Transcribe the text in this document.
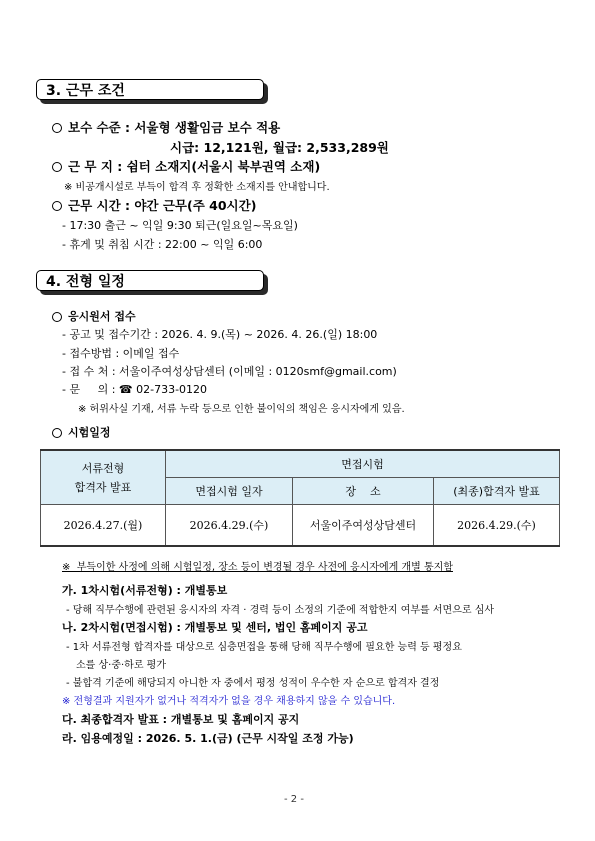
3. 근무 조건
보수 수준 : 서울형 생활임금 보수 적용
시급: 12,121원, 월급: 2,533,289원
근 무 지 : 쉼터 소재지(서울시 북부권역 소재)
※ 비공개시설로 부득이 합격 후 정확한 소재지를 안내합니다.
근무 시간 : 야간 근무(주 40시간)
- 17:30 출근 ~ 익일 9:30 퇴근(일요일~목요일)
- 휴게 및 취침 시간 : 22:00 ~ 익일 6:00
4. 전형 일정
응시원서 접수
- 공고 및 접수기간 : 2026. 4. 9.(목) ~ 2026. 4. 26.(일) 18:00
- 접수방법 : 이메일 접수
- 접 수 처 : 서울이주여성상담센터 (이메일 : 0120smf@gmail.com)
- 문     의 : ☎ 02-733-0120
※ 허위사실 기재, 서류 누락 등으로 인한 불이익의 책임은 응시자에게 있음.
시험일정
서류전형
합격자 발표	면접시험		
	면접시험 일자	장    소	(최종)합격자 발표
2026.4.27.(월)	2026.4.29.(수)	서울이주여성상담센터	2026.4.29.(수)
※  부득이한 사정에 의해 시험일정, 장소 등이 변경될 경우 사전에 응시자에게 개별 통지함
가. 1차시험(서류전형) : 개별통보
- 당해 직무수행에 관련된 응시자의 자격 · 경력 등이 소정의 기준에 적합한지 여부를 서면으로 심사
나. 2차시험(면접시험) : 개별통보 및 센터, 법인 홈페이지 공고
- 1차 서류전형 합격자를 대상으로 심층면접을 통해 당해 직무수행에 필요한 능력 등 평정요
소를 상·중·하로 평가
- 불합격 기준에 해당되지 아니한 자 중에서 평정 성적이 우수한 자 순으로 합격자 결정
※ 전형결과 지원자가 없거나 적격자가 없을 경우 채용하지 않을 수 있습니다.
다. 최종합격자 발표 : 개별통보 및 홈페이지 공지
라. 임용예정일 : 2026. 5. 1.(금) (근무 시작일 조정 가능)
- 2 -
